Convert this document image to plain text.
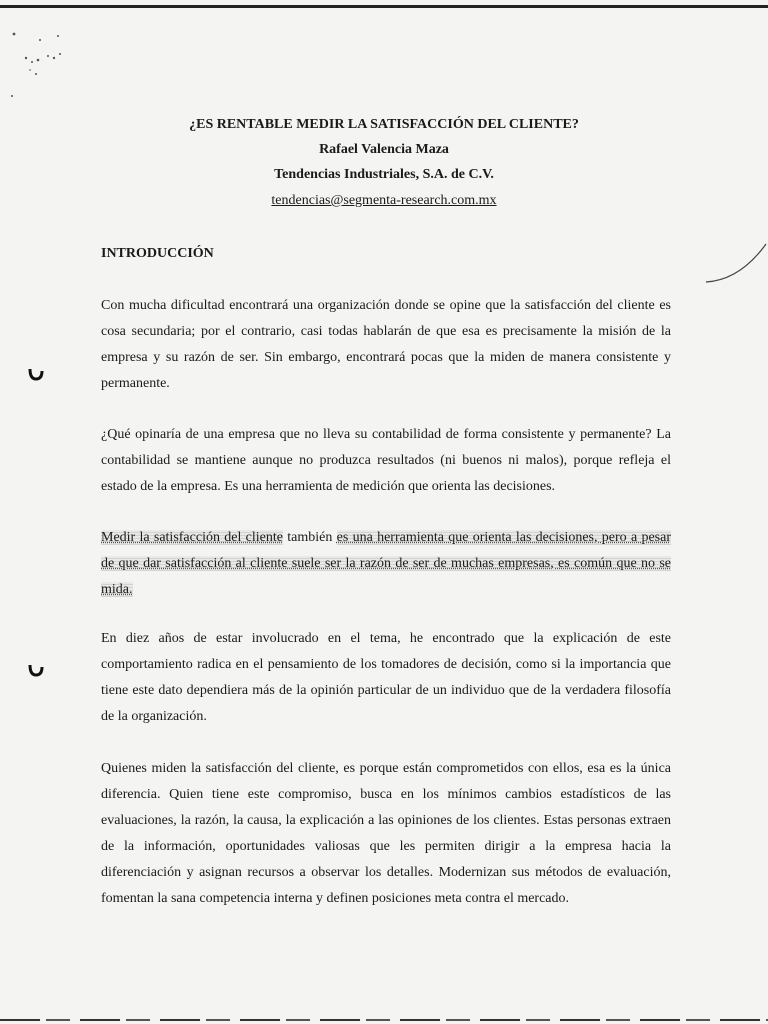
¿ES RENTABLE MEDIR LA SATISFACCIÓN DEL CLIENTE?
Rafael Valencia Maza
Tendencias Industriales, S.A. de C.V.
tendencias@segmenta-research.com.mx
INTRODUCCIÓN

Con mucha dificultad encontrará una organización donde se opine que la satisfacción del cliente es cosa secundaria; por el contrario, casi todas hablarán de que esa es precisamente la misión de la empresa y su razón de ser. Sin embargo, encontrará pocas que la miden de manera consistente y permanente.

¿Qué opinaría de una empresa que no lleva su contabilidad de forma consistente y permanente? La contabilidad se mantiene aunque no produzca resultados (ni buenos ni malos), porque refleja el estado de la empresa. Es una herramienta de medición que orienta las decisiones.

Medir la satisfacción del cliente también es una herramienta que orienta las decisiones, pero a pesar de que dar satisfacción al cliente suele ser la razón de ser de muchas empresas, es común que no se mida.

En diez años de estar involucrado en el tema, he encontrado que la explicación de este comportamiento radica en el pensamiento de los tomadores de decisión, como si la importancia que tiene este dato dependiera más de la opinión particular de un individuo que de la verdadera filosofía de la organización.

Quienes miden la satisfacción del cliente, es porque están comprometidos con ellos, esa es la única diferencia. Quien tiene este compromiso, busca en los mínimos cambios estadísticos de las evaluaciones, la razón, la causa, la explicación a las opiniones de los clientes. Estas personas extraen de la información, oportunidades valiosas que les permiten dirigir a la empresa hacia la diferenciación y asignan recursos a observar los detalles. Modernizan sus métodos de evaluación, fomentan la sana competencia interna y definen posiciones meta contra el mercado.
